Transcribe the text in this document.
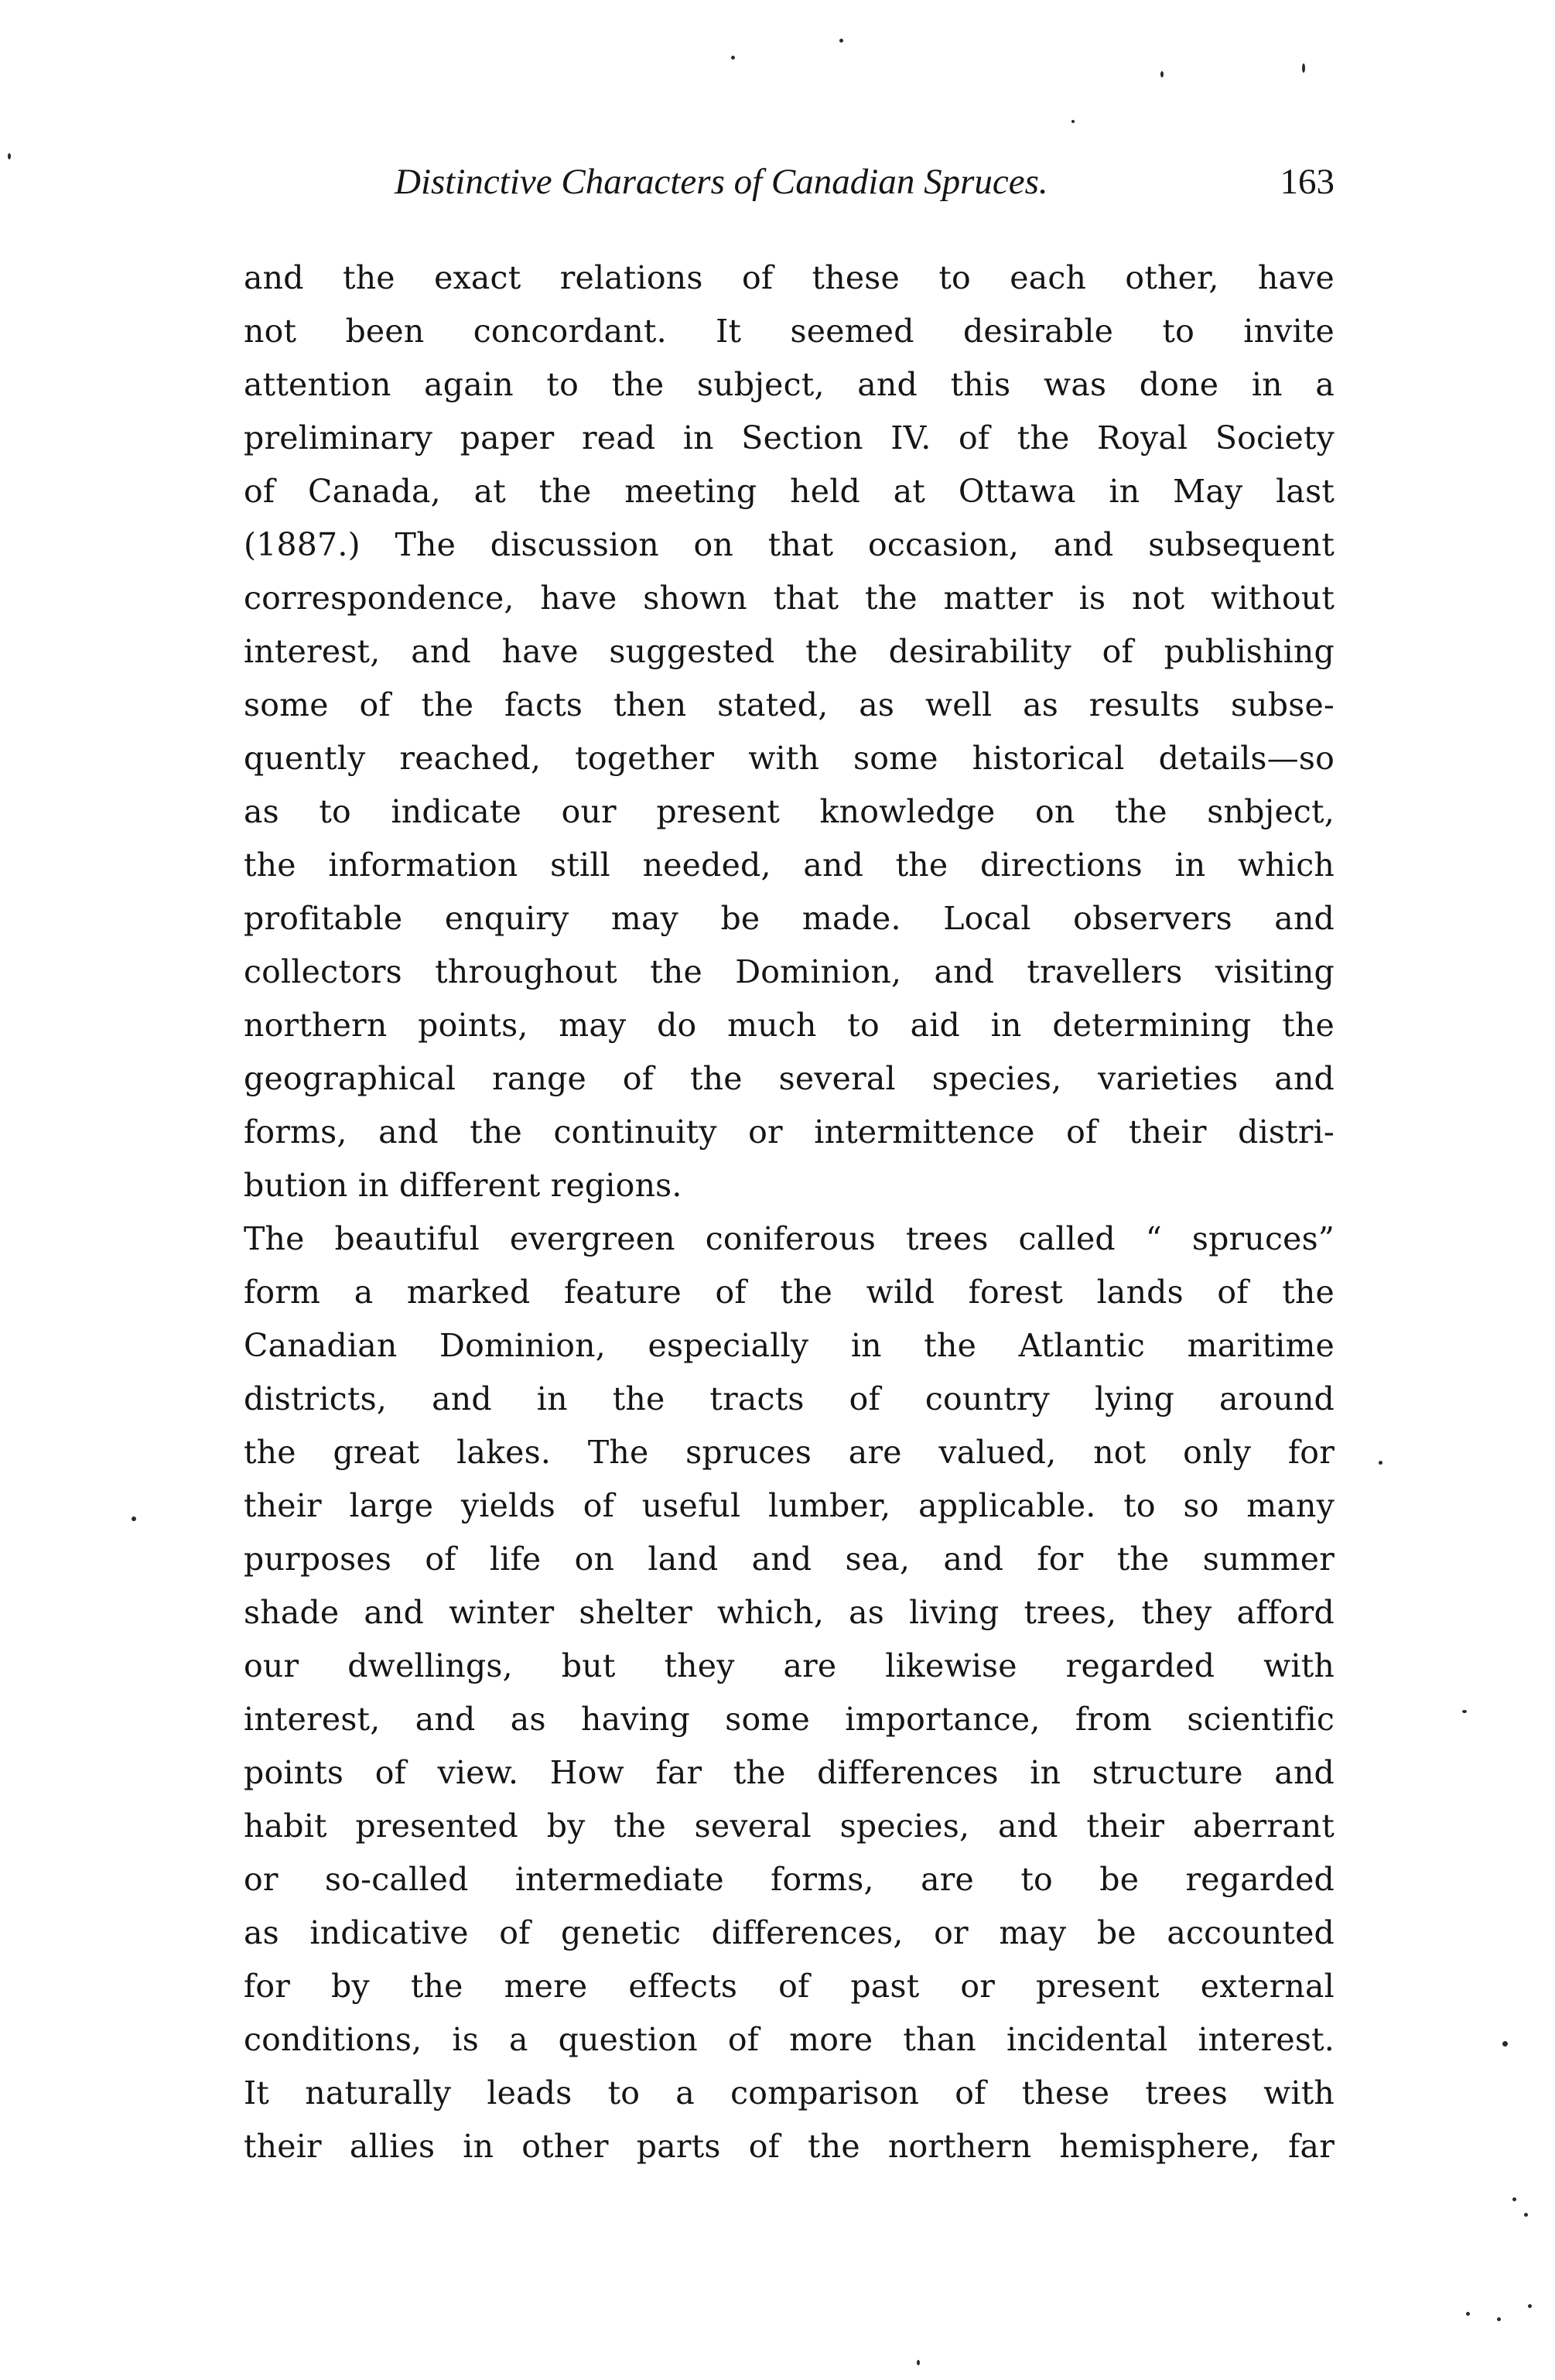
Distinctive Characters of Canadian Spruces.	163
and the exact relations of these to each other, have
not been concordant. It seemed desirable to invite
attention again to the subject, and this was done in a
preliminary paper read in Section IV. of the Royal Society
of Canada, at the meeting held at Ottawa in May last
(1887.) The discussion on that occasion, and subsequent
correspondence, have shown that the matter is not without
interest, and have suggested the desirability of publishing
some of the facts then stated, as well as results subse-
quently reached, together with some historical details—so
as to indicate our present knowledge on the snbject,
the information still needed, and the directions in which
profitable enquiry may be made. Local observers and
collectors throughout the Dominion, and travellers visiting
northern points, may do much to aid in determining the
geographical range of the several species, varieties and
forms, and the continuity or intermittence of their distri-
bution in different regions.
The beautiful evergreen coniferous trees called “ spruces”
form a marked feature of the wild forest lands of the
Canadian Dominion, especially in the Atlantic maritime
districts, and in the tracts of country lying around
the great lakes. The spruces are valued, not only for
their large yields of useful lumber, applicable. to so many
purposes of life on land and sea, and for the summer
shade and winter shelter which, as living trees, they afford
our dwellings, but they are likewise regarded with
interest, and as having some importance, from scientific
points of view. How far the differences in structure and
habit presented by the several species, and their aberrant
or so-called intermediate forms, are to be regarded
as indicative of genetic differences, or may be accounted
for by the mere effects of past or present external
conditions, is a question of more than incidental interest.
It naturally leads to a comparison of these trees with
their allies in other parts of the northern hemisphere, far
